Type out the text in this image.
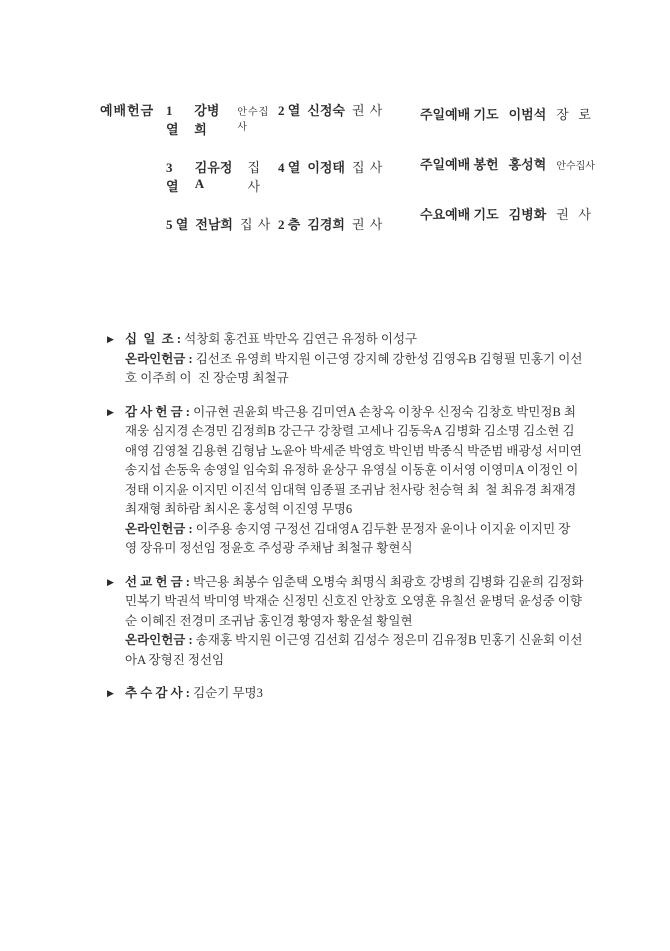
예배헌금 1 열
강병희
안수집사
2 열 신정숙 권 사
3 열
김유정A
집 사
4 열 이정태 집 사
5 열 전남희 집 사 2 층 김경희 권 사
주일예배 기도 이범석 장  로
주일예배 봉헌 홍성혁 안수집사
수요예배 기도 김병화 권  사
▶ 십  일  조 : 석창회 홍건표 박만옥 김연근 유정하 이성구
온라인헌금 : 김선조 유영희 박지원 이근영 강지혜 강한성 김영옥B 김형필 민홍기 이선호 이주희 이  진 장순명 최철규
▶ 감 사 헌 금 : 이규현 권윤회 박근용 김미연A 손창옥 이창우 신정숙 김창호 박민정B 최재웅 심지경 손경민 김정희B 강근구 강창렬 고세나 김동욱A 김병화 김소명 김소현 김애영 김영철 김용현 김형남 노윤아 박세준 박영호 박인범 박종식 박준범 배광성 서미연 송지섭 손동욱 송영일 임숙회 유정하 윤상구 유영실 이동훈 이서영 이영미A 이정인 이정태 이지윤 이지민 이진석 임대혁 임종필 조귀남 천사랑 천승혁 최  철 최유경 최재경 최재형 최하람 최시온 홍성혁 이진영 무명6
온라인헌금 : 이주용 송지영 구정선 김대영A 김두환 문정자 윤이나 이지윤 이지민 장  영 장유미 정선임 정윤호 주성광 주채남 최철규 황현식
▶ 선 교 헌 금 : 박근용 최봉수 임춘택 오병숙 최명식 최광호 강병희 김병화 김윤희 김정화 민복기 박권석 박미영 박재순 신정민 신호진 안창호 오영훈 유칠선 윤병덕 윤성중 이향순 이혜진 전경미 조귀남 홍인경 황영자 황운설 황일현
온라인헌금 : 송재홍 박지원 이근영 김선회 김성수 정은미 김유정B 민홍기 신윤회 이선아A 장형진 정선임
▶ 추 수 감 사 : 김순기 무명3
